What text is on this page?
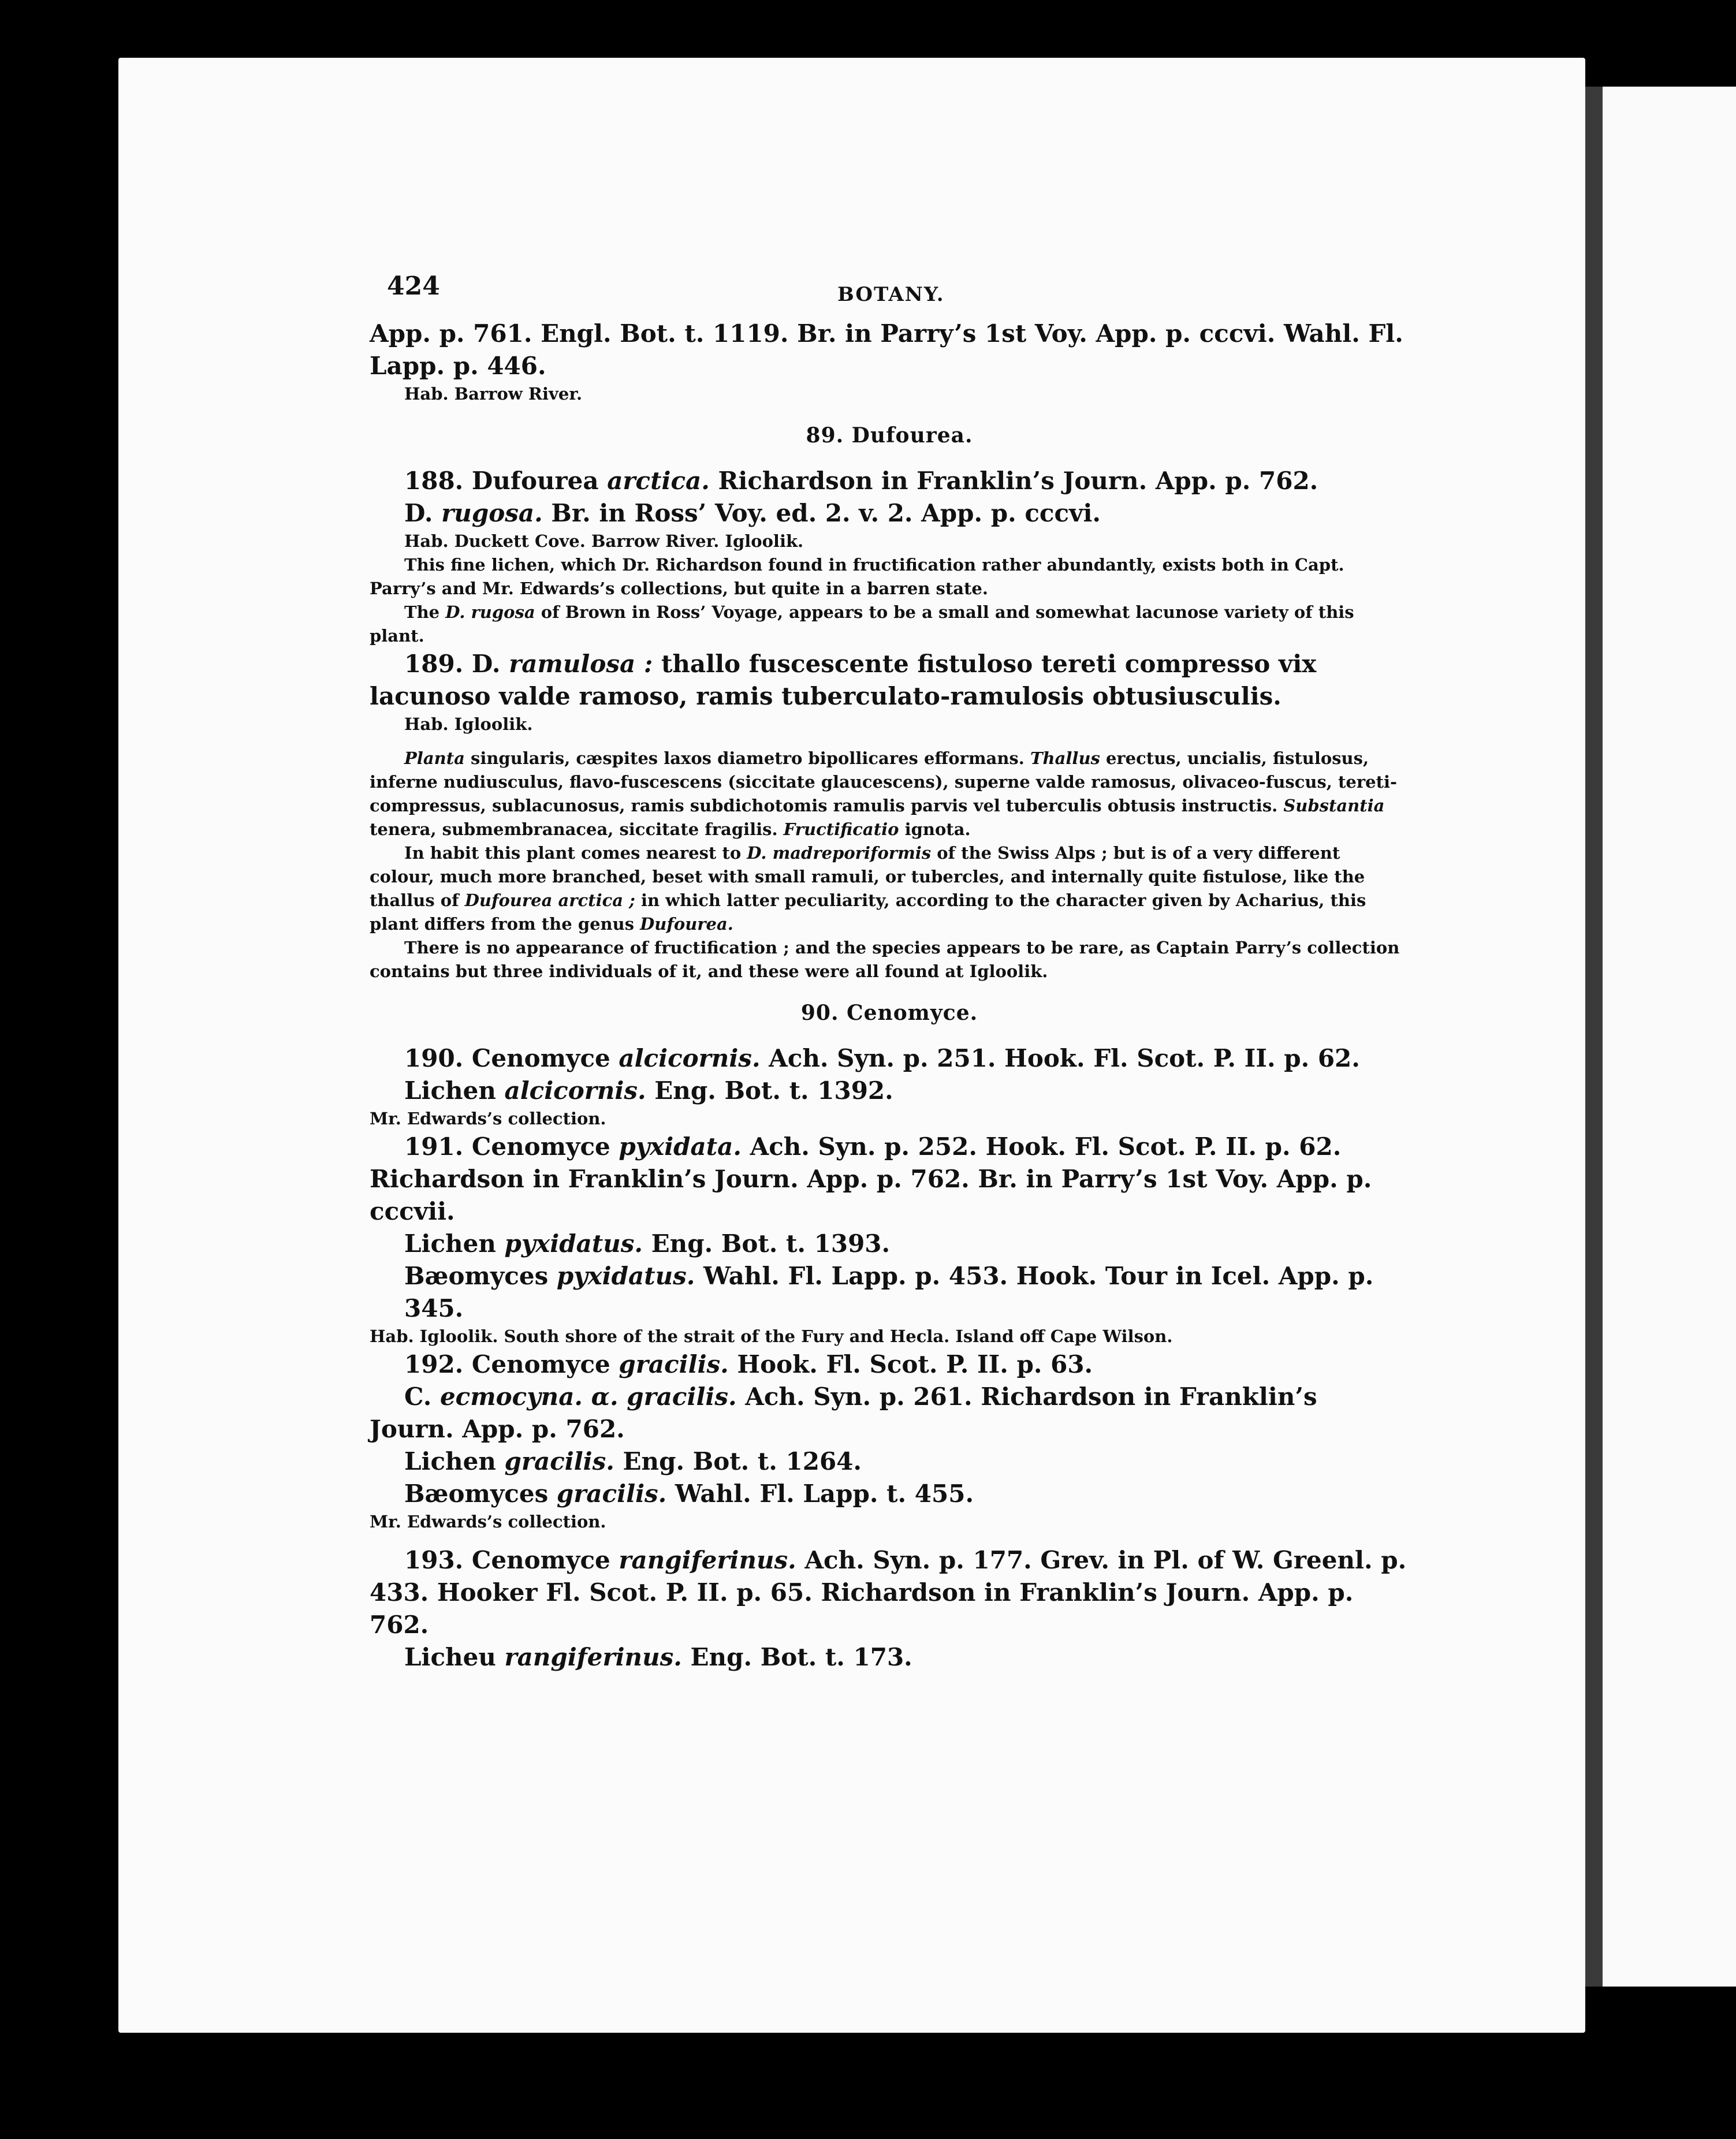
424	BOTANY.

App. p. 761. Engl. Bot. t. 1119. Br. in Parry’s 1st Voy. App. p. cccvi. Wahl. Fl. Lapp. p. 446.

Hab. Barrow River.

89. Dufourea.

188. Dufourea arctica. Richardson in Franklin’s Journ. App. p. 762.

D. rugosa. Br. in Ross’ Voy. ed. 2. v. 2. App. p. cccvi.

Hab. Duckett Cove. Barrow River. Igloolik.

This fine lichen, which Dr. Richardson found in fructification rather abundantly, exists both in Capt. Parry’s and Mr. Edwards’s collections, but quite in a barren state.

The D. rugosa of Brown in Ross’ Voyage, appears to be a small and somewhat lacunose variety of this plant.

189. D. ramulosa : thallo fuscescente fistuloso tereti compresso vix lacunoso valde ramoso, ramis tuberculato-ramulosis obtusiusculis.

Hab. Igloolik.

Planta singularis, cæspites laxos diametro bipollicares efformans. Thallus erectus, uncialis, fistulosus, inferne nudiusculus, flavo-fuscescens (siccitate glaucescens), superne valde ramosus, olivaceo-fuscus, tereti-compressus, sublacunosus, ramis subdichotomis ramulis parvis vel tuberculis obtusis instructis. Substantia tenera, submembranacea, siccitate fragilis. Fructificatio ignota.

In habit this plant comes nearest to D. madreporiformis of the Swiss Alps ; but is of a very different colour, much more branched, beset with small ramuli, or tubercles, and internally quite fistulose, like the thallus of Dufourea arctica ; in which latter peculiarity, according to the character given by Acharius, this plant differs from the genus Dufourea.

There is no appearance of fructification ; and the species appears to be rare, as Captain Parry’s collection contains but three individuals of it, and these were all found at Igloolik.

90. Cenomyce.

190. Cenomyce alcicornis. Ach. Syn. p. 251. Hook. Fl. Scot. P. II. p. 62.

Lichen alcicornis. Eng. Bot. t. 1392.

Mr. Edwards’s collection.

191. Cenomyce pyxidata. Ach. Syn. p. 252. Hook. Fl. Scot. P. II. p. 62. Richardson in Franklin’s Journ. App. p. 762. Br. in Parry’s 1st Voy. App. p. cccvii.

Lichen pyxidatus. Eng. Bot. t. 1393.

Bæomyces pyxidatus. Wahl. Fl. Lapp. p. 453. Hook. Tour in Icel. App. p. 345.

Hab. Igloolik. South shore of the strait of the Fury and Hecla. Island off Cape Wilson.

192. Cenomyce gracilis. Hook. Fl. Scot. P. II. p. 63.

C. ecmocyna. α. gracilis. Ach. Syn. p. 261. Richardson in Franklin’s Journ. App. p. 762.

Lichen gracilis. Eng. Bot. t. 1264.

Bæomyces gracilis. Wahl. Fl. Lapp. t. 455.

Mr. Edwards’s collection.

193. Cenomyce rangiferinus. Ach. Syn. p. 177. Grev. in Pl. of W. Greenl. p. 433. Hooker Fl. Scot. P. II. p. 65. Richardson in Franklin’s Journ. App. p. 762.

Licheu rangiferinus. Eng. Bot. t. 173.
